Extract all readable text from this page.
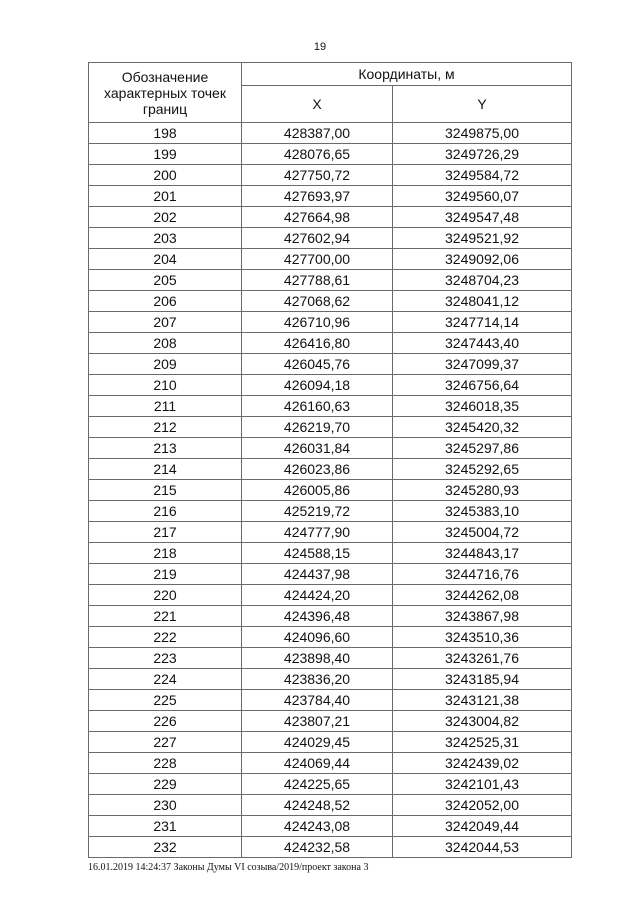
19
Обозначение характерных точек границ	Координаты, м	
	X	Y
198	428387,00	3249875,00
199	428076,65	3249726,29
200	427750,72	3249584,72
201	427693,97	3249560,07
202	427664,98	3249547,48
203	427602,94	3249521,92
204	427700,00	3249092,06
205	427788,61	3248704,23
206	427068,62	3248041,12
207	426710,96	3247714,14
208	426416,80	3247443,40
209	426045,76	3247099,37
210	426094,18	3246756,64
211	426160,63	3246018,35
212	426219,70	3245420,32
213	426031,84	3245297,86
214	426023,86	3245292,65
215	426005,86	3245280,93
216	425219,72	3245383,10
217	424777,90	3245004,72
218	424588,15	3244843,17
219	424437,98	3244716,76
220	424424,20	3244262,08
221	424396,48	3243867,98
222	424096,60	3243510,36
223	423898,40	3243261,76
224	423836,20	3243185,94
225	423784,40	3243121,38
226	423807,21	3243004,82
227	424029,45	3242525,31
228	424069,44	3242439,02
229	424225,65	3242101,43
230	424248,52	3242052,00
231	424243,08	3242049,44
232	424232,58	3242044,53
16.01.2019 14:24:37 Законы Думы VI созыва/2019/проект закона 3
